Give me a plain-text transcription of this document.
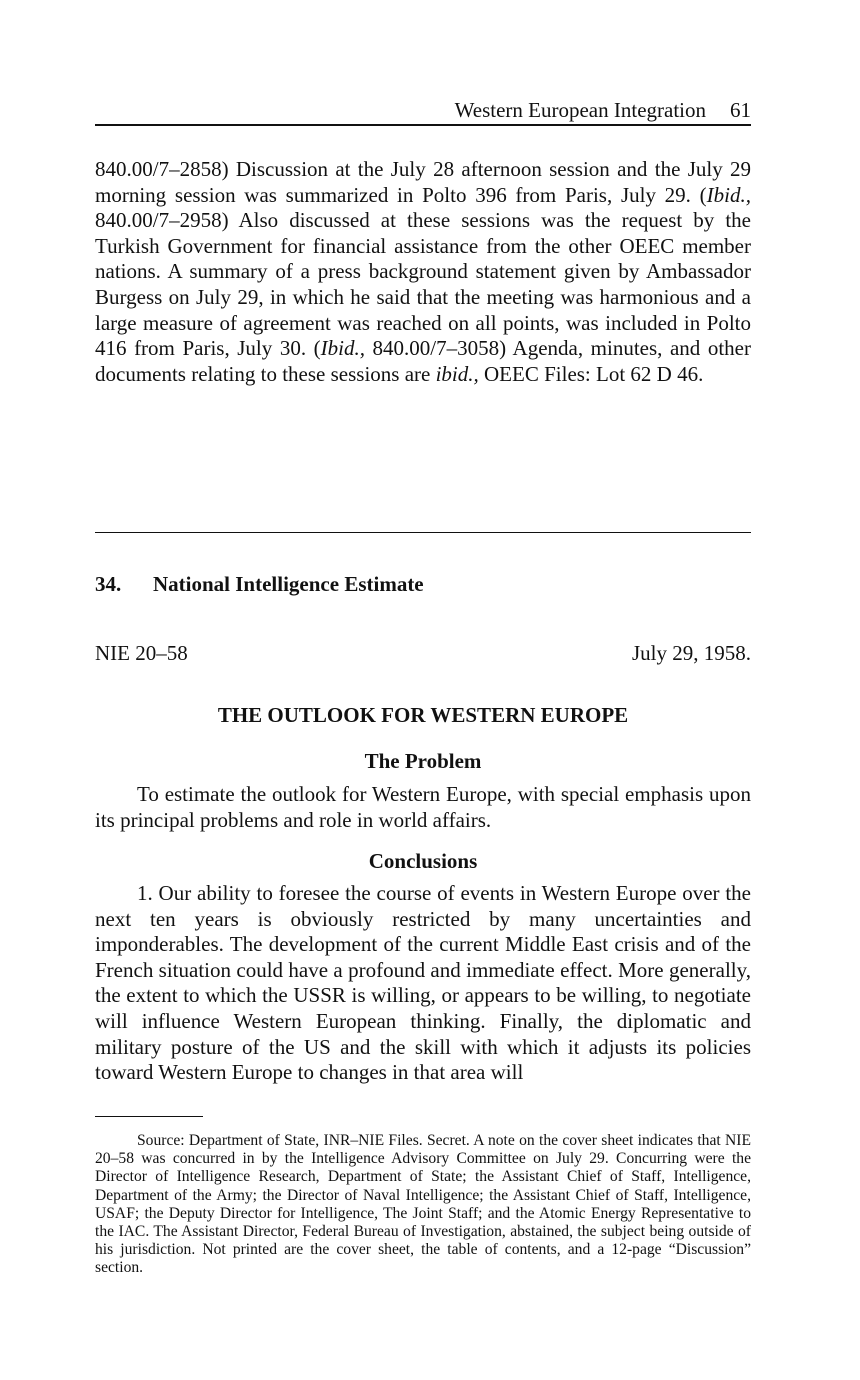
Western European Integration 61

840.00/7–2858) Discussion at the July 28 afternoon session and the July 29 morning session was summarized in Polto 396 from Paris, July 29. (Ibid., 840.00/7–2958) Also discussed at these sessions was the request by the Turkish Government for financial assistance from the other OEEC member nations. A summary of a press background statement given by Ambassador Burgess on July 29, in which he said that the meeting was harmonious and a large measure of agreement was reached on all points, was included in Polto 416 from Paris, July 30. (Ibid., 840.00/7–3058) Agenda, minutes, and other documents relating to these sessions are ibid., OEEC Files: Lot 62 D 46.

34. National Intelligence Estimate
NIE 20–58	July 29, 1958.
THE OUTLOOK FOR WESTERN EUROPE
The Problem

To estimate the outlook for Western Europe, with special emphasis upon its principal problems and role in world affairs.

Conclusions

1. Our ability to foresee the course of events in Western Europe over the next ten years is obviously restricted by many uncertainties and imponderables. The development of the current Middle East crisis and of the French situation could have a profound and immediate effect. More generally, the extent to which the USSR is willing, or appears to be willing, to negotiate will influence Western European thinking. Finally, the diplomatic and military posture of the US and the skill with which it adjusts its policies toward Western Europe to changes in that area will

Source: Department of State, INR–NIE Files. Secret. A note on the cover sheet indicates that NIE 20–58 was concurred in by the Intelligence Advisory Committee on July 29. Concurring were the Director of Intelligence Research, Department of State; the Assistant Chief of Staff, Intelligence, Department of the Army; the Director of Naval Intelligence; the Assistant Chief of Staff, Intelligence, USAF; the Deputy Director for Intelligence, The Joint Staff; and the Atomic Energy Representative to the IAC. The Assistant Director, Federal Bureau of Investigation, abstained, the subject being outside of his jurisdiction. Not printed are the cover sheet, the table of contents, and a 12-page “Discussion” section.
